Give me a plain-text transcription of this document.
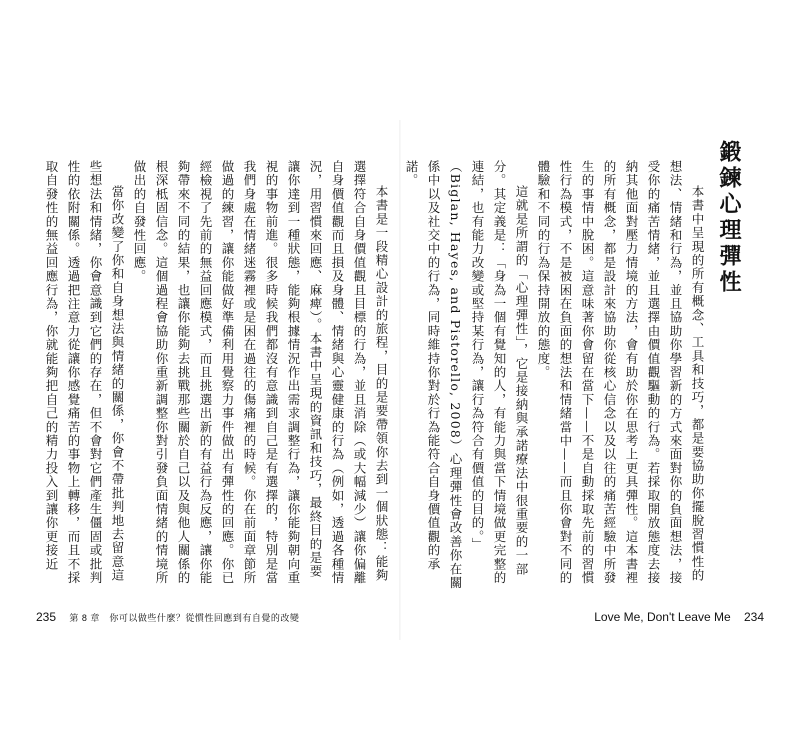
本書是一段精心設計的旅程，目的是要帶領你去到一個狀態：能夠選擇符合自身價值觀且目標的行為，並且消除（或大幅減少）讓你偏離自身價值觀而且損及身體、情緒與心靈健康的行為（例如，透過各種情況，用習慣來回應、麻痺）。本書中呈現的資訊和技巧，最終目的是要讓你達到一種狀態，能夠根據情況作出需求調整行為，讓你能夠朝向重視的事物前進。很多時候我們都沒有意識到自己是有選擇的，特別是當我們身處在情緒迷霧裡或是困在過往的傷痛裡的時候。你在前面章節所做過的練習，讓你能做好準備利用覺察力事件做出有彈性的回應。你已經檢視了先前的無益回應模式，而且挑選出新的有益行為反應，讓你能夠帶來不同的結果，也讓你能夠去挑戰那些關於自己以及與他人關係的根深柢固信念。這個過程會協助你重新調整你對引發負面情緒的情境所做出的自發性回應。

當你改變了你和自身想法與情緒的關係，你會不帶批判地去留意這些想法和情緒，你會意識到它們的存在，但不會對它們產生僵固或批判性的依附關係。透過把注意力從讓你感覺痛苦的事物上轉移，而且不採取自發性的無益回應行為，你就能夠把自己的精力投入到讓你更接近	鍛鍊心理彈性

本書中呈現的所有概念、工具和技巧，都是要協助你擺脫習慣性的想法、情緒和行為，並且協助你學習新的方式來面對你的負面想法，接受你的痛苦情緒，並且選擇由價值觀驅動的行為。若採取開放態度去接納其他面對壓力情境的方法，會有助於你在思考上更具彈性。這本書裡的所有概念，都是設計來協助你從核心信念以及以往的痛苦經驗中所發生的事情中脫困。這意味著你會留在當下——不是自動採取先前的習慣性行為模式，不是被困在負面的想法和情緒當中——而且你會對不同的體驗和不同的行為保持開放的態度。

這就是所謂的「心理彈性」，它是接納與承諾療法中很重要的一部分。其定義是：「身為一個有覺知的人，有能力與當下情境做更完整的連結，也有能力改變或堅持某行為，讓行為符合有價值的目的。」（Biglan, Hayes, and Pistorello, 2008）心理彈性會改善你在關係中以及社交中的行為，同時維持你對於行為能符合自身價值觀的承諾。

235 第 8 章　你可以做些什麼？從慣性回應到有自覺的改變	Love Me, Don't Leave Me 234
